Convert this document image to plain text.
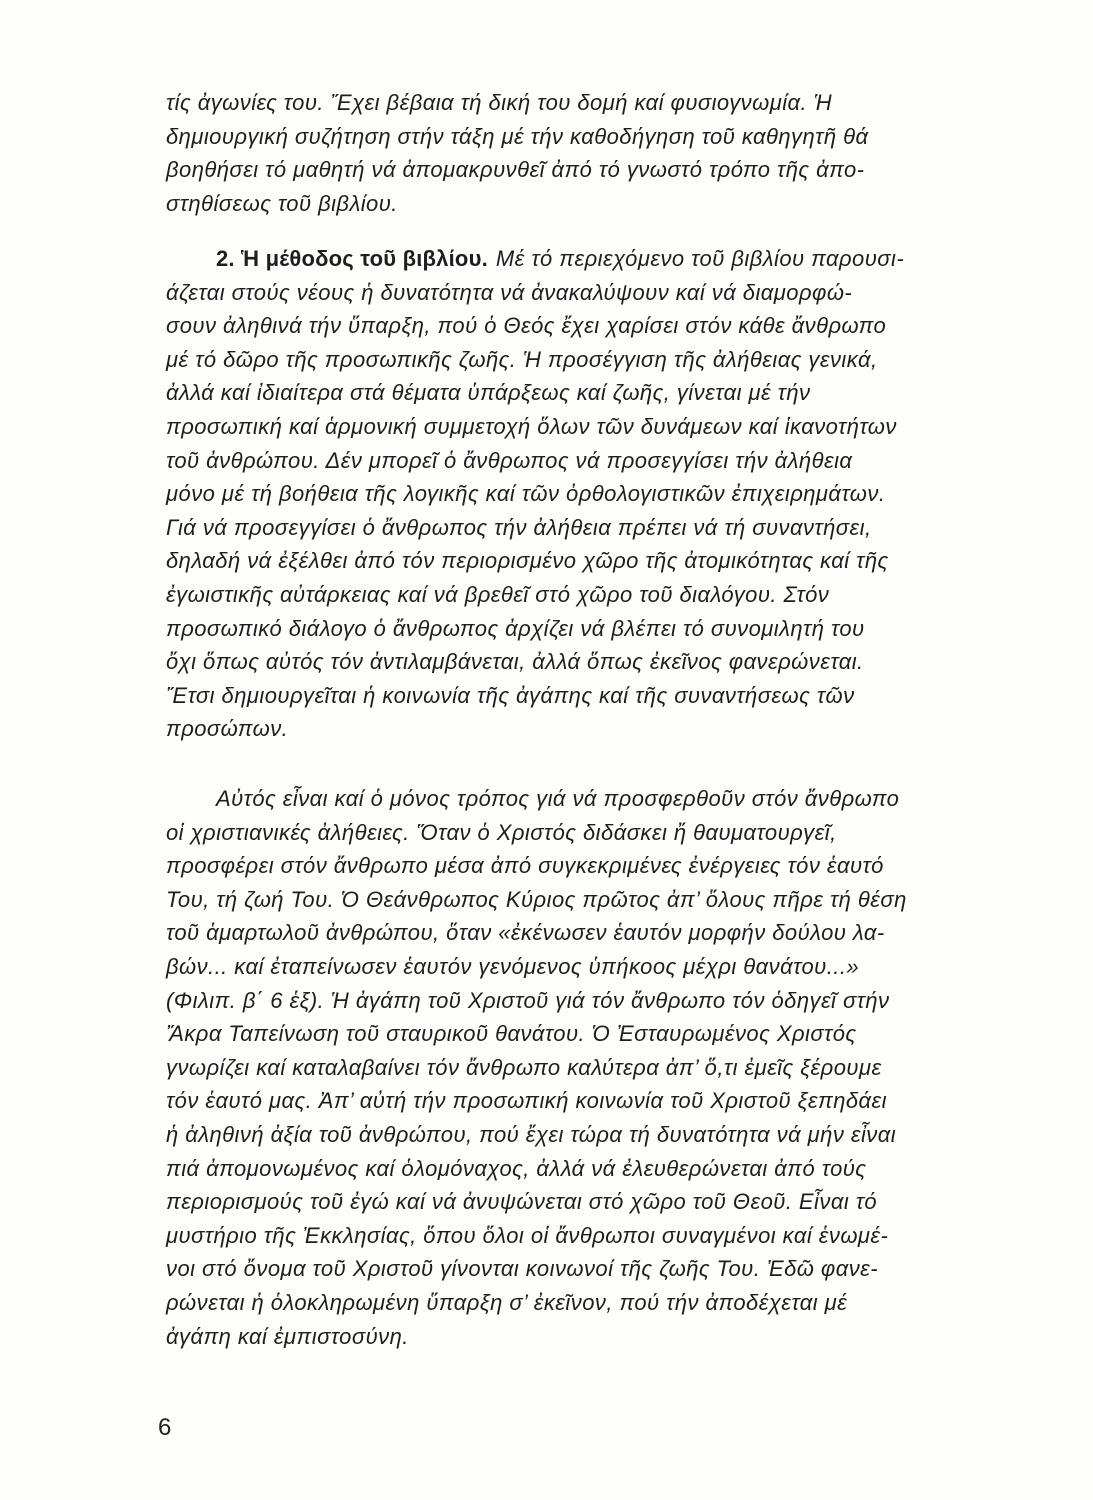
τίς ἀγωνίες του. Ἔχει βέβαια τή δική του δομή καί φυσιογνωμία. Ἡ
δημιουργική συζήτηση στήν τάξη μέ τήν καθοδήγηση τοῦ καθηγητῆ θά
βοηθήσει τό μαθητή νά ἀπομακρυνθεῖ ἀπό τό γνωστό τρόπο τῆς ἀπο-
στηθίσεως τοῦ βιβλίου.
2. Ἡ μέθοδος τοῦ βιβλίου. Μέ τό περιεχόμενο τοῦ βιβλίου παρουσι-
άζεται στούς νέους ἡ δυνατότητα νά ἀνακαλύψουν καί νά διαμορφώ-
σουν ἀληθινά τήν ὕπαρξη, πού ὁ Θεός ἔχει χαρίσει στόν κάθε ἄνθρωπο
μέ τό δῶρο τῆς προσωπικῆς ζωῆς. Ἡ προσέγγιση τῆς ἀλήθειας γενικά,
ἀλλά καί ἰδιαίτερα στά θέματα ὑπάρξεως καί ζωῆς, γίνεται μέ τήν
προσωπική καί ἁρμονική συμμετοχή ὅλων τῶν δυνάμεων καί ἱκανοτήτων
τοῦ ἀνθρώπου. Δέν μπορεῖ ὁ ἄνθρωπος νά προσεγγίσει τήν ἀλήθεια
μόνο μέ τή βοήθεια τῆς λογικῆς καί τῶν ὀρθολογιστικῶν ἐπιχειρημάτων.
Γιά νά προσεγγίσει ὁ ἄνθρωπος τήν ἀλήθεια πρέπει νά τή συναντήσει,
δηλαδή νά ἐξέλθει ἀπό τόν περιορισμένο χῶρο τῆς ἀτομικότητας καί τῆς
ἐγωιστικῆς αὐτάρκειας καί νά βρεθεῖ στό χῶρο τοῦ διαλόγου. Στόν
προσωπικό διάλογο ὁ ἄνθρωπος ἀρχίζει νά βλέπει τό συνομιλητή του
ὄχι ὅπως αὐτός τόν ἀντιλαμβάνεται, ἀλλά ὅπως ἐκεῖνος φανερώνεται.
Ἔτσι δημιουργεῖται ἡ κοινωνία τῆς ἀγάπης καί τῆς συναντήσεως τῶν
προσώπων.
Αὐτός εἶναι καί ὁ μόνος τρόπος γιά νά προσφερθοῦν στόν ἄνθρωπο
οἱ χριστιανικές ἀλήθειες. Ὅταν ὁ Χριστός διδάσκει ἤ θαυματουργεῖ,
προσφέρει στόν ἄνθρωπο μέσα ἀπό συγκεκριμένες ἐνέργειες τόν ἑαυτό
Του, τή ζωή Του. Ὁ Θεάνθρωπος Κύριος πρῶτος ἀπ’ ὅλους πῆρε τή θέση
τοῦ ἁμαρτωλοῦ ἀνθρώπου, ὅταν «ἐκένωσεν ἑαυτόν μορφήν δούλου λα-
βών... καί ἐταπείνωσεν ἑαυτόν γενόμενος ὑπήκοος μέχρι θανάτου...»
(Φιλιπ. β΄ 6 ἑξ). Ἡ ἀγάπη τοῦ Χριστοῦ γιά τόν ἄνθρωπο τόν ὁδηγεῖ στήν
Ἄκρα Ταπείνωση τοῦ σταυρικοῦ θανάτου. Ὁ Ἐσταυρωμένος Χριστός
γνωρίζει καί καταλαβαίνει τόν ἄνθρωπο καλύτερα ἀπ’ ὅ,τι ἐμεῖς ξέρουμε
τόν ἑαυτό μας. Ἀπ’ αὐτή τήν προσωπική κοινωνία τοῦ Χριστοῦ ξεπηδάει
ἡ ἀληθινή ἀξία τοῦ ἀνθρώπου, πού ἔχει τώρα τή δυνατότητα νά μήν εἶναι
πιά ἀπομονωμένος καί ὁλομόναχος, ἀλλά νά ἐλευθερώνεται ἀπό τούς
περιορισμούς τοῦ ἐγώ καί νά ἀνυψώνεται στό χῶρο τοῦ Θεοῦ. Εἶναι τό
μυστήριο τῆς Ἐκκλησίας, ὅπου ὅλοι οἱ ἄνθρωποι συναγμένοι καί ἑνωμέ-
νοι στό ὄνομα τοῦ Χριστοῦ γίνονται κοινωνοί τῆς ζωῆς Του. Ἐδῶ φανε-
ρώνεται ἡ ὁλοκληρωμένη ὕπαρξη σ’ ἐκεῖνον, πού τήν ἀποδέχεται μέ
ἀγάπη καί ἐμπιστοσύνη.
6
